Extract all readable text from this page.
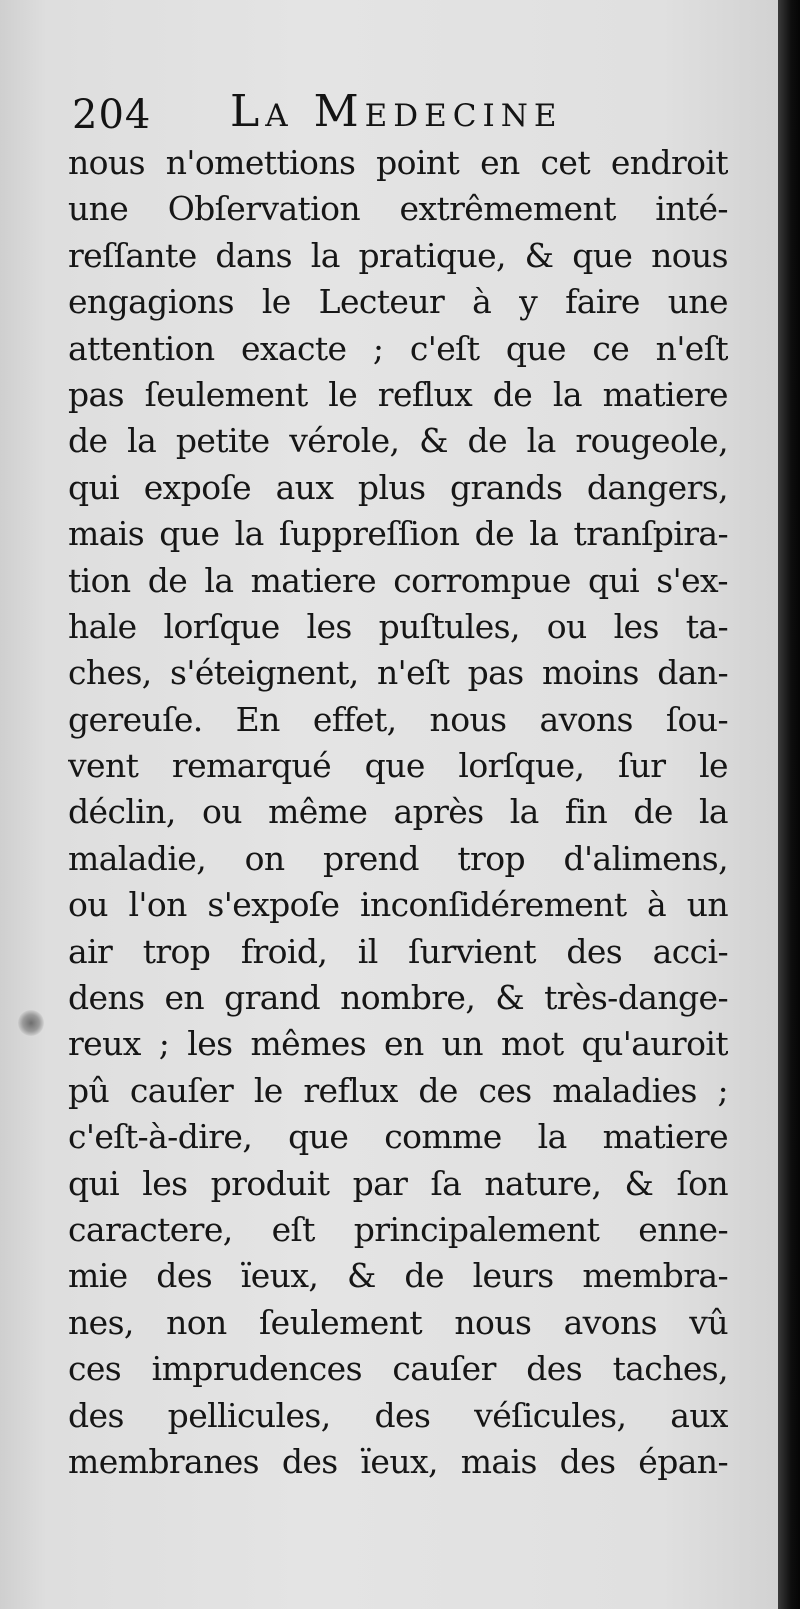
204 La Medecine
nous n'omettions point en cet endroit
une Obſervation extrêmement inté-
reſſante dans la pratique, & que nous
engagions le Lecteur à y faire une
attention exacte ; c'eſt que ce n'eſt
pas ſeulement le reflux de la matiere
de la petite vérole, & de la rougeole,
qui expoſe aux plus grands dangers,
mais que la ſuppreſſion de la tranſpira-
tion de la matiere corrompue qui s'ex-
hale lorſque les puſtules, ou les ta-
ches, s'éteignent, n'eſt pas moins dan-
gereuſe. En effet, nous avons ſou-
vent remarqué que lorſque, ſur le
déclin, ou même après la fin de la
maladie, on prend trop d'alimens,
ou l'on s'expoſe inconſidérement à un
air trop froid, il ſurvient des acci-
dens en grand nombre, & très-dange-
reux ; les mêmes en un mot qu'auroit
pû cauſer le reflux de ces maladies ;
c'eſt-à-dire, que comme la matiere
qui les produit par ſa nature, & ſon
caractere, eſt principalement enne-
mie des ïeux, & de leurs membra-
nes, non ſeulement nous avons vû
ces imprudences cauſer des taches,
des pellicules, des véſicules, aux
membranes des ïeux, mais des épan-
